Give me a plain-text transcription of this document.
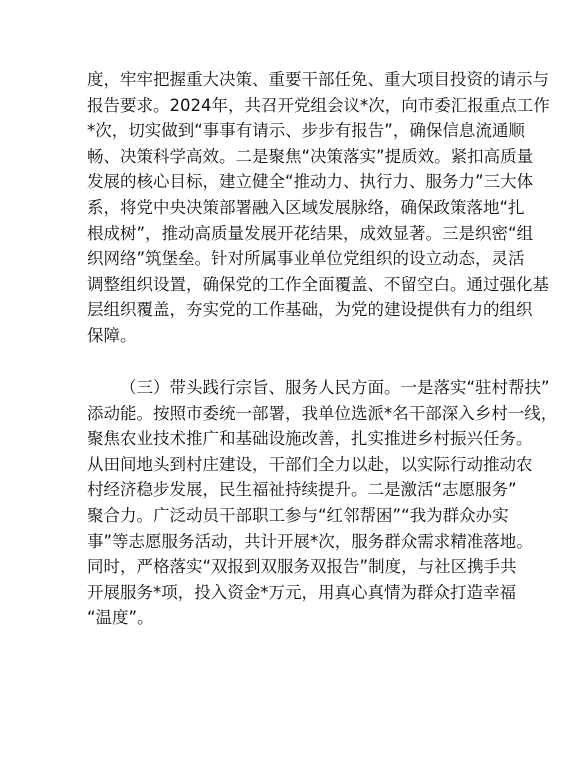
度，牢牢把握重大决策、重要干部任免、重大项目投资的请示与
报告要求。2024年，共召开党组会议*次，向市委汇报重点工作
*次，切实做到“事事有请示、步步有报告”，确保信息流通顺
畅、决策科学高效。二是聚焦“决策落实”提质效。紧扣高质量
发展的核心目标，建立健全“推动力、执行力、服务力”三大体
系，将党中央决策部署融入区域发展脉络，确保政策落地“扎
根成树”，推动高质量发展开花结果，成效显著。三是织密“组
织网络”筑堡垒。针对所属事业单位党组织的设立动态，灵活
调整组织设置，确保党的工作全面覆盖、不留空白。通过强化基
层组织覆盖，夯实党的工作基础，为党的建设提供有力的组织
保障。
（三）带头践行宗旨、服务人民方面。一是落实“驻村帮扶”
添动能。按照市委统一部署，我单位选派*名干部深入乡村一线，
聚焦农业技术推广和基础设施改善，扎实推进乡村振兴任务。
从田间地头到村庄建设，干部们全力以赴，以实际行动推动农
村经济稳步发展，民生福祉持续提升。二是激活“志愿服务”
聚合力。广泛动员干部职工参与“红邻帮困”“我为群众办实
事”等志愿服务活动，共计开展*次，服务群众需求精准落地。
同时，严格落实“双报到双服务双报告”制度，与社区携手共
开展服务*项，投入资金*万元，用真心真情为群众打造幸福
“温度”。
